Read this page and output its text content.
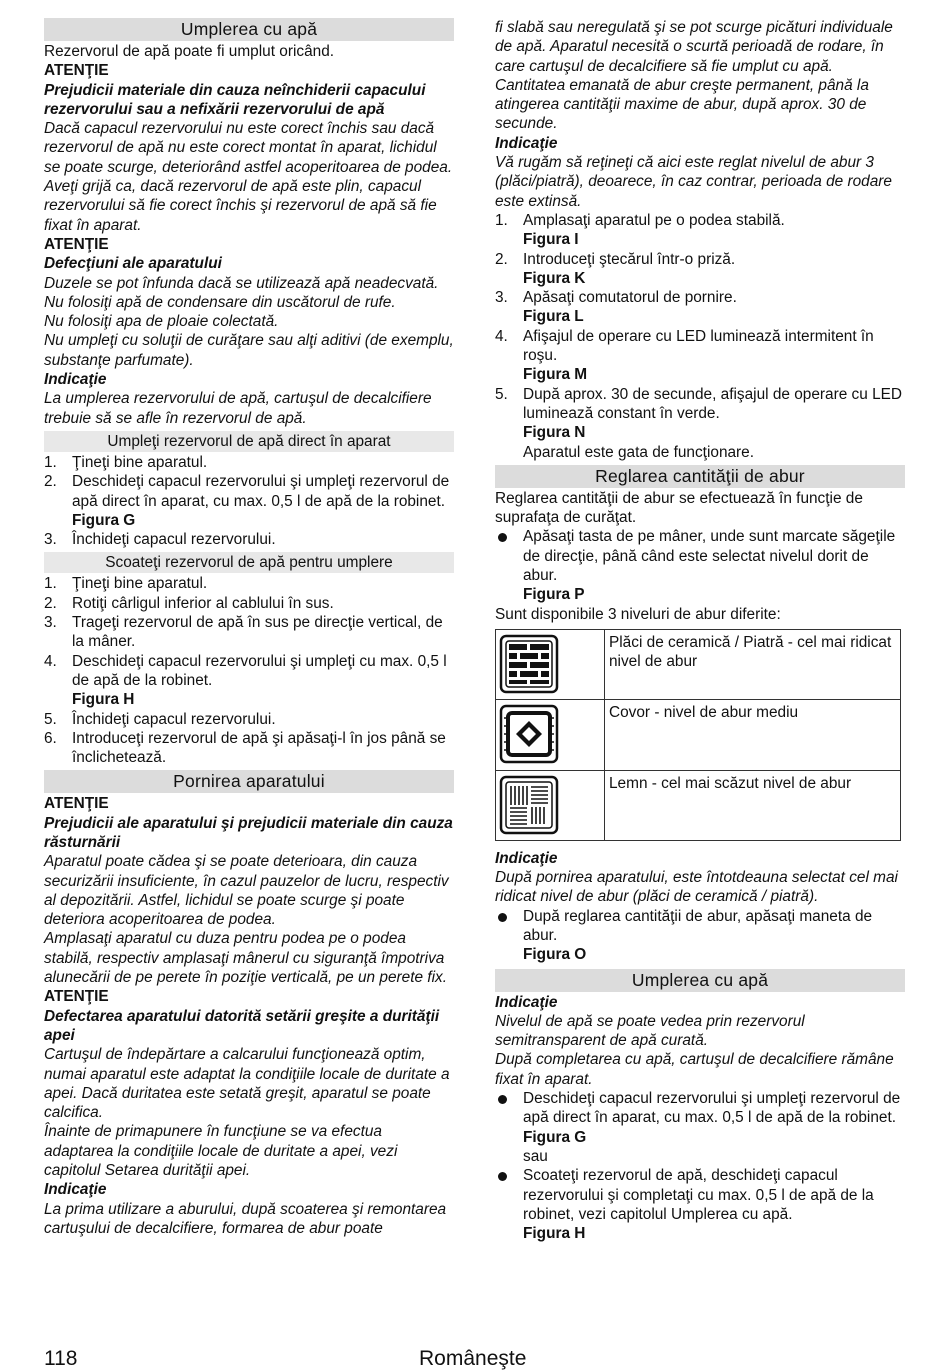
Umplerea cu apă

Rezervorul de apă poate fi umplut oricând.

ATENŢIE

Prejudicii materiale din cauza neînchiderii capacului rezervorului sau a nefixării rezervorului de apă

Dacă capacul rezervorului nu este corect închis sau dacă rezervorul de apă nu este corect montat în aparat, lichidul se poate scurge, deteriorând astfel acoperitoarea de podea.

Aveţi grijă ca, dacă rezervorul de apă este plin, capacul rezervorului să fie corect închis şi rezervorul de apă să fie fixat în aparat.

ATENŢIE

Defecţiuni ale aparatului

Duzele se pot înfunda dacă se utilizează apă neadecvată.

Nu folosiţi apă de condensare din uscătorul de rufe.

Nu folosiţi apa de ploaie colectată.

Nu umpleţi cu soluţii de curăţare sau alţi aditivi (de exemplu, substanţe parfumate).

Indicaţie

La umplerea rezervorului de apă, cartuşul de decalcifiere trebuie să se afle în rezervorul de apă.

Umpleţi rezervorul de apă direct în aparat
1. Ţineţi bine aparatul.
2. Deschideţi capacul rezervorului şi umpleţi rezervorul de apă direct în aparat, cu max. 0,5 l de apă de la robinet.
Figura G
3. Închideţi capacul rezervorului.
Scoateţi rezervorul de apă pentru umplere
1. Ţineţi bine aparatul.
2. Rotiţi cârligul inferior al cablului în sus.
3. Trageţi rezervorul de apă în sus pe direcţie vertical, de la mâner.
4. Deschideţi capacul rezervorului şi umpleţi cu max. 0,5 l de apă de la robinet.
Figura H
5. Închideţi capacul rezervorului.
6. Introduceţi rezervorul de apă şi apăsaţi-l în jos până se înclichetează.
Pornirea aparatului

ATENŢIE

Prejudicii ale aparatului şi prejudicii materiale din cauza răsturnării

Aparatul poate cădea şi se poate deterioara, din cauza securizării insuficiente, în cazul pauzelor de lucru, respectiv al depozitării. Astfel, lichidul se poate scurge şi poate deteriora acoperitoarea de podea.

Amplasaţi aparatul cu duza pentru podea pe o podea stabilă, respectiv amplasaţi mânerul cu siguranţă împotriva alunecării de pe perete în poziţie verticală, pe un perete fix.

ATENŢIE

Defectarea aparatului datorită setării greşite a durităţii apei

Cartuşul de îndepărtare a calcarului funcţionează optim, numai aparatul este adaptat la condiţiile locale de duritate a apei. Dacă duritatea este setată greşit, aparatul se poate calcifica.

Înainte de primapunere în funcţiune se va efectua adaptarea la condiţiile locale de duritate a apei, vezi capitolul Setarea durităţii apei.

Indicaţie

La prima utilizare a aburului, după scoaterea şi remontarea cartuşului de decalcifiere, formarea de abur poate

fi slabă sau neregulată şi se pot scurge picături individuale de apă. Aparatul necesită o scurtă perioadă de rodare, în care cartuşul de decalcifiere să fie umplut cu apă. Cantitatea emanată de abur creşte permanent, până la atingerea cantităţii maxime de abur, după aprox. 30 de secunde.

Indicaţie

Vă rugăm să reţineţi că aici este reglat nivelul de abur 3 (plăci/piatră), deoarece, în caz contrar, perioada de rodare este extinsă.

1. Amplasaţi aparatul pe o podea stabilă.
Figura I
2. Introduceţi ştecărul într-o priză.
Figura K
3. Apăsaţi comutatorul de pornire.
Figura L
4. Afişajul de operare cu LED luminează intermitent în roşu.
Figura M
5. După aprox. 30 de secunde, afişajul de operare cu LED luminează constant în verde.
Figura N
Aparatul este gata de funcţionare.
Reglarea cantităţii de abur

Reglarea cantităţii de abur se efectuează în funcţie de suprafaţa de curăţat.

Apăsaţi tasta de pe mâner, unde sunt marcate săgeţile de direcţie, până când este selectat nivelul dorit de abur.
Figura P

Sunt disponibile 3 niveluri de abur diferite:

	Plăci de ceramică / Piatră - cel mai ridicat nivel de abur
	Covor - nivel de abur mediu
	Lemn - cel mai scăzut nivel de abur

Indicaţie

După pornirea aparatului, este întotdeauna selectat cel mai ridicat nivel de abur (plăci de ceramică / piatră).

După reglarea cantităţii de abur, apăsaţi maneta de abur.
Figura O
Umplerea cu apă

Indicaţie

Nivelul de apă se poate vedea prin rezervorul semitransparent de apă curată.

După completarea cu apă, cartuşul de decalcifiere rămâne fixat în aparat.

Deschideţi capacul rezervorului şi umpleţi rezervorul de apă direct în aparat, cu max. 0,5 l de apă de la robinet.
Figura G
sau
Scoateţi rezervorul de apă, deschideţi capacul rezervorului şi completaţi cu max. 0,5 l de apă de la robinet, vezi capitolul Umplerea cu apă.
Figura H
118	Româneşte
